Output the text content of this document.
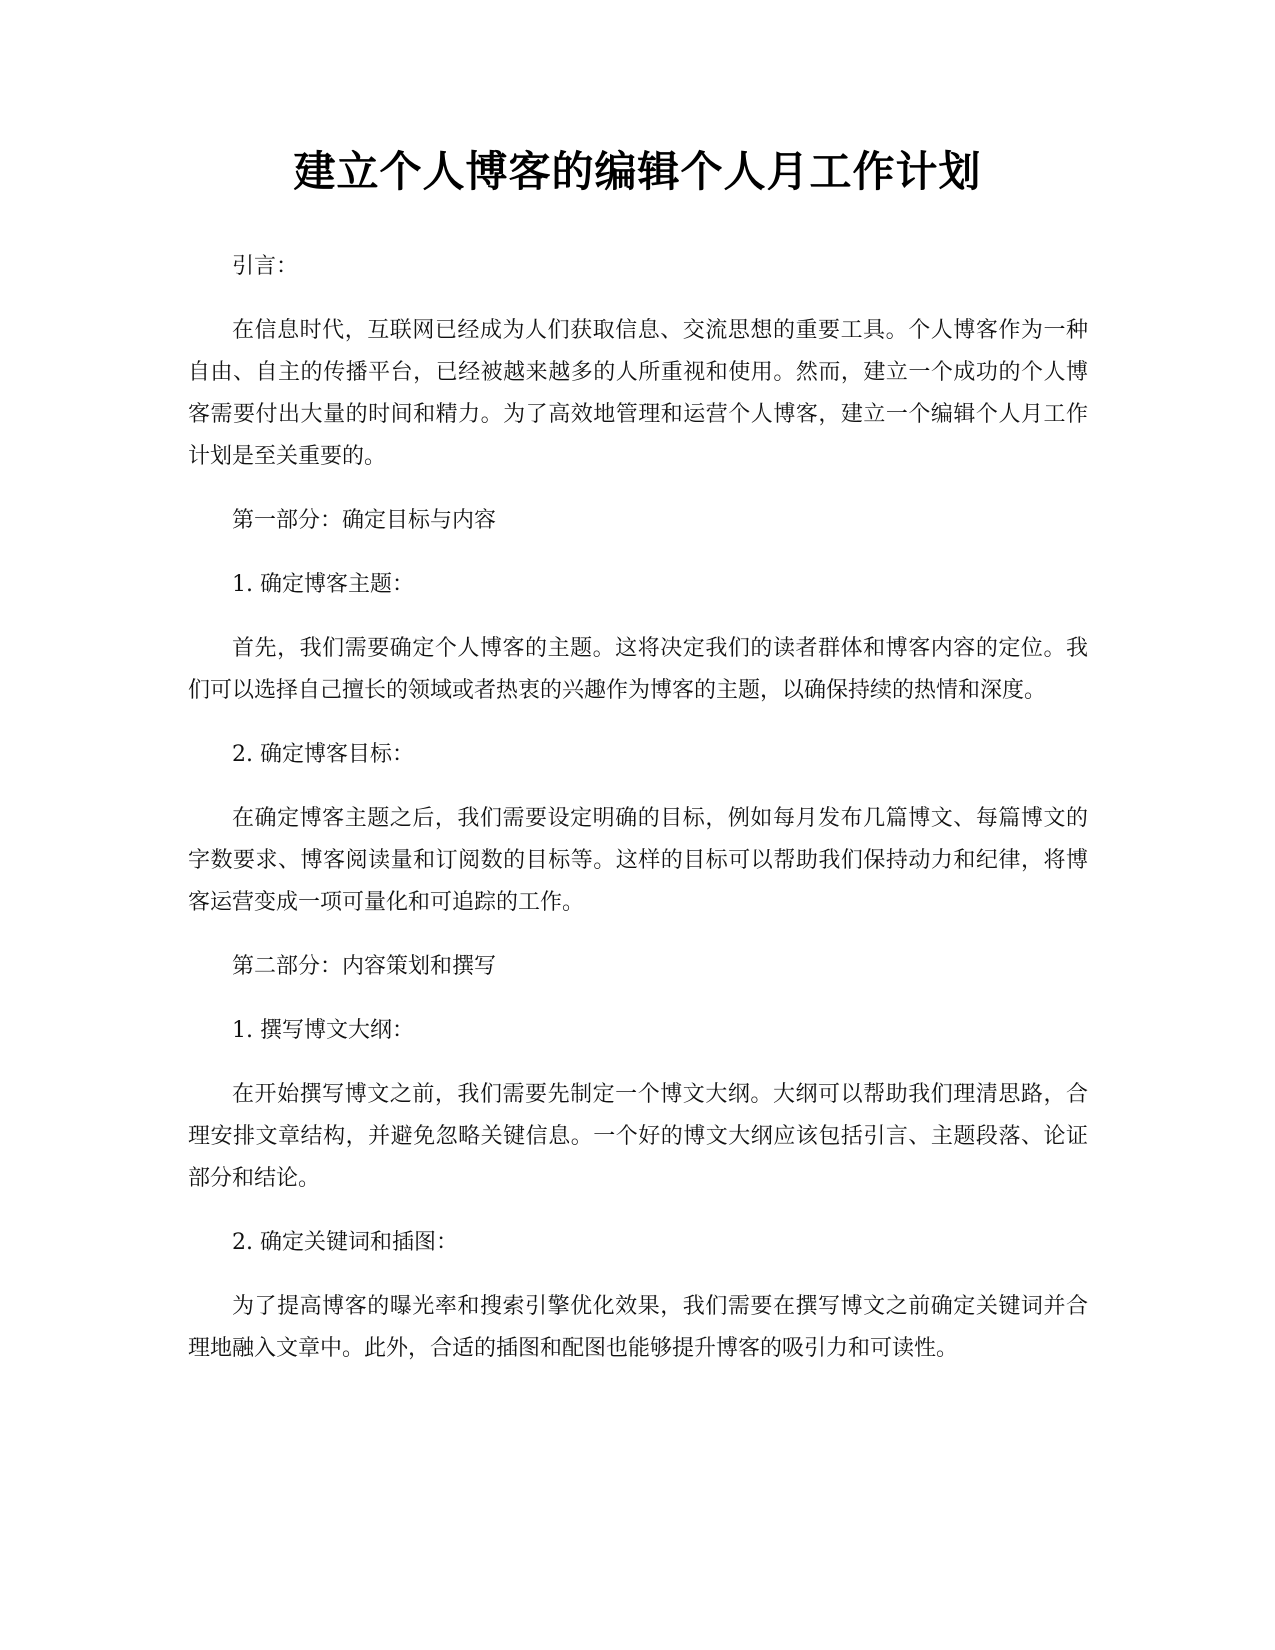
建立个人博客的编辑个人月工作计划

引言：

在信息时代，互联网已经成为人们获取信息、交流思想的重要工具。个人博客作为一种自由、自主的传播平台，已经被越来越多的人所重视和使用。然而，建立一个成功的个人博客需要付出大量的时间和精力。为了高效地管理和运营个人博客，建立一个编辑个人月工作计划是至关重要的。

第一部分：确定目标与内容

1. 确定博客主题：

首先，我们需要确定个人博客的主题。这将决定我们的读者群体和博客内容的定位。我们可以选择自己擅长的领域或者热衷的兴趣作为博客的主题，以确保持续的热情和深度。

2. 确定博客目标：

在确定博客主题之后，我们需要设定明确的目标，例如每月发布几篇博文、每篇博文的字数要求、博客阅读量和订阅数的目标等。这样的目标可以帮助我们保持动力和纪律，将博客运营变成一项可量化和可追踪的工作。

第二部分：内容策划和撰写

1. 撰写博文大纲：

在开始撰写博文之前，我们需要先制定一个博文大纲。大纲可以帮助我们理清思路，合理安排文章结构，并避免忽略关键信息。一个好的博文大纲应该包括引言、主题段落、论证部分和结论。

2. 确定关键词和插图：

为了提高博客的曝光率和搜索引擎优化效果，我们需要在撰写博文之前确定关键词并合理地融入文章中。此外，合适的插图和配图也能够提升博客的吸引力和可读性。
